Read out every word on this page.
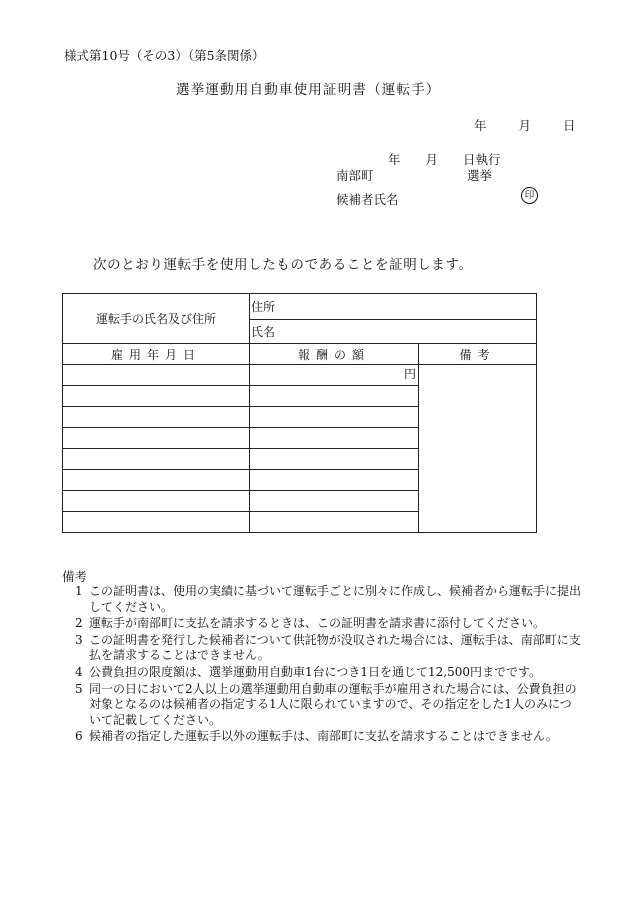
様式第10号（その3）（第5条関係）
選挙運動用自動車使用証明書（運転手）
年	月	日
年　　月　　日執行
南部町	選挙
候補者氏名	印
次のとおり運転手を使用したものであることを証明します。
運転手の氏名及び住所	住所	
	氏名	
雇用年月日	報酬の額	備考
	円	

備考
1 この証明書は、使用の実績に基づいて運転手ごとに別々に作成し、候補者から運転手に提出してください。
2 運転手が南部町に支払を請求するときは、この証明書を請求書に添付してください。
3 この証明書を発行した候補者について供託物が没収された場合には、運転手は、南部町に支払を請求することはできません。
4 公費負担の限度額は、選挙運動用自動車1台につき1日を通じて12,500円までです。
5 同一の日において2人以上の選挙運動用自動車の運転手が雇用された場合には、公費負担の対象となるのは候補者の指定する1人に限られていますので、その指定をした1人のみについて記載してください。
6 候補者の指定した運転手以外の運転手は、南部町に支払を請求することはできません。
